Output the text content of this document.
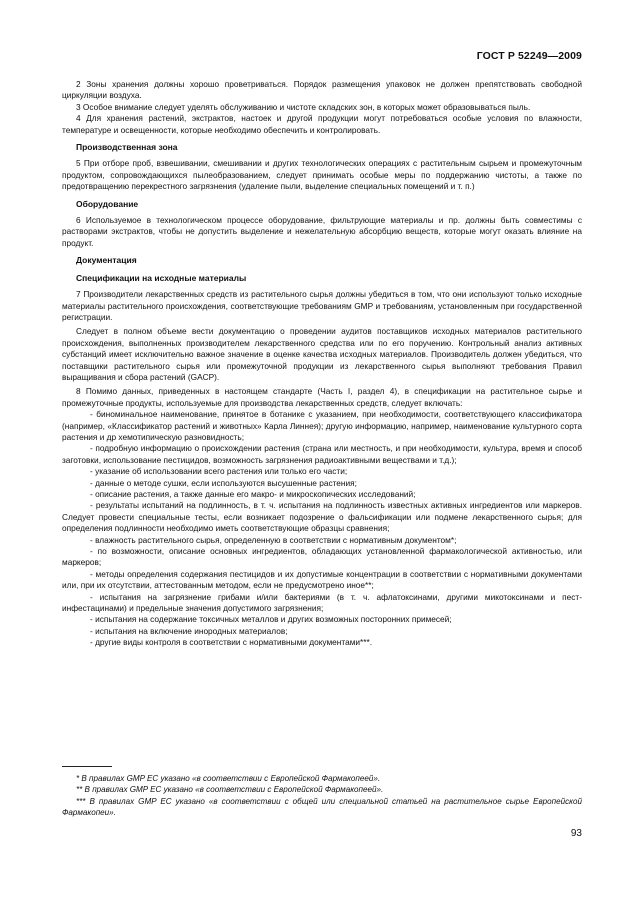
ГОСТ Р 52249—2009

2 Зоны хранения должны хорошо проветриваться. Порядок размещения упаковок не должен препятствовать свободной циркуляции воздуха.

3 Особое внимание следует уделять обслуживанию и чистоте складских зон, в которых может образовываться пыль.

4 Для хранения растений, экстрактов, настоек и другой продукции могут потребоваться особые условия по влажности, температуре и освещенности, которые необходимо обеспечить и контролировать.

Производственная зона

5 При отборе проб, взвешивании, смешивании и других технологических операциях с растительным сырьем и промежуточным продуктом, сопровождающихся пылеобразованием, следует принимать особые меры по поддержанию чистоты, а также по предотвращению перекрестного загрязнения (удаление пыли, выделение специальных помещений и т. п.)

Оборудование

6 Используемое в технологическом процессе оборудование, фильтрующие материалы и пр. должны быть совместимы с растворами экстрактов, чтобы не допустить выделение и нежелательную абсорбцию веществ, которые могут оказать влияние на продукт.

Документация
Спецификации на исходные материалы

7 Производители лекарственных средств из растительного сырья должны убедиться в том, что они используют только исходные материалы растительного происхождения, соответствующие требованиям GMP и требованиям, установленным при государственной регистрации.

Следует в полном объеме вести документацию о проведении аудитов поставщиков исходных материалов растительного происхождения, выполненных производителем лекарственного средства или по его поручению. Контрольный анализ активных субстанций имеет исключительно важное значение в оценке качества исходных материалов. Производитель должен убедиться, что поставщики растительного сырья или промежуточной продукции из лекарственного сырья выполняют требования Правил выращивания и сбора растений (GACP).

8 Помимо данных, приведенных в настоящем стандарте (Часть I, раздел 4), в спецификации на растительное сырье и промежуточные продукты, используемые для производства лекарственных средств, следует включать:

- биноминальное наименование, принятое в ботанике с указанием, при необходимости, соответствующего классификатора (например, «Классификатор растений и животных» Карла Линнея); другую информацию, например, наименование культурного сорта растения и др хемотипическую разновидность;

- подробную информацию о происхождении растения (страна или местность, и при необходимости, культура, время и способ заготовки, использование пестицидов, возможность загрязнения радиоактивными веществами и т.д.);

- указание об использовании всего растения или только его части;

- данные о методе сушки, если используются высушенные растения;

- описание растения, а также данные его макро- и микроскопических исследований;

- результаты испытаний на подлинность, в т. ч. испытания на подлинность известных активных ингредиентов или маркеров. Следует провести специальные тесты, если возникает подозрение о фальсификации или подмене лекарственного сырья; для определения подлинности необходимо иметь соответствующие образцы сравнения;

- влажность растительного сырья, определенную в соответствии с нормативным документом*;

- по возможности, описание основных ингредиентов, обладающих установленной фармакологической активностью, или маркеров;

- методы определения содержания пестицидов и их допустимые концентрации в соответствии с нормативными документами или, при их отсутствии, аттестованным методом, если не предусмотрено иное**;

- испытания на загрязнение грибами и/или бактериями (в т. ч. афлатоксинами, другими микотоксинами и пест-инфестацинами) и предельные значения допустимого загрязнения;

- испытания на содержание токсичных металлов и других возможных посторонних примесей;

- испытания на включение инородных материалов;

- другие виды контроля в соответствии с нормативными документами***.

* В правилах GMP ЕС указано «в соответствии с Европейской Фармакопеей».

** В правилах GMP ЕС указано «в соответствии с Европейской Фармакопеей».

*** В правилах GMP ЕС указано «в соответствии с общей или специальной статьей на растительное сырье Европейской Фармакопеи».

93
